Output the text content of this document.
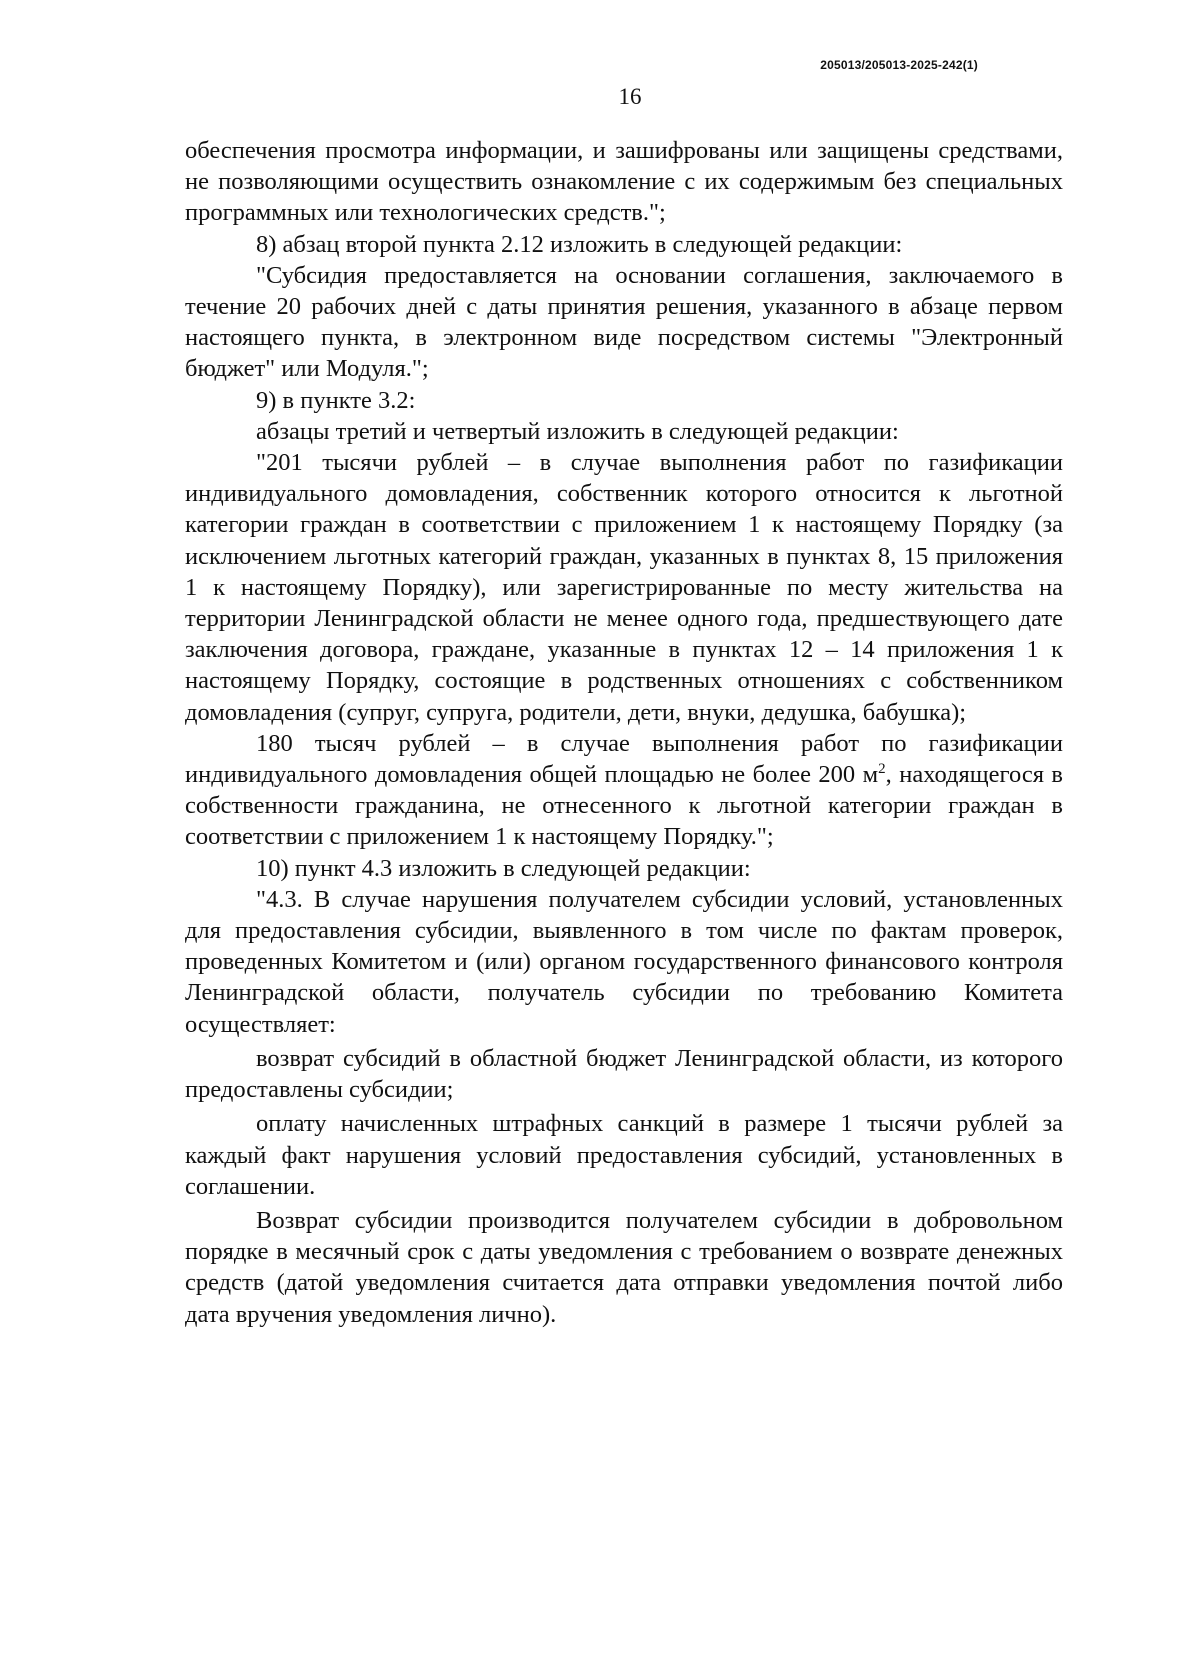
205013/205013-2025-242(1)
16

обеспечения просмотра информации, и зашифрованы или защищены средствами, не позволяющими осуществить ознакомление с их содержимым без специальных программных или технологических средств.";

8) абзац второй пункта 2.12 изложить в следующей редакции:

"Субсидия предоставляется на основании соглашения, заключаемого в течение 20 рабочих дней с даты принятия решения, указанного в абзаце первом настоящего пункта, в электронном виде посредством системы "Электронный бюджет" или Модуля.";

9) в пункте 3.2:

абзацы третий и четвертый изложить в следующей редакции:

"201 тысячи рублей – в случае выполнения работ по газификации индивидуального домовладения, собственник которого относится к льготной категории граждан в соответствии с приложением 1 к настоящему Порядку (за исключением льготных категорий граждан, указанных в пунктах 8, 15 приложения 1 к настоящему Порядку), или зарегистрированные по месту жительства на территории Ленинградской области не менее одного года, предшествующего дате заключения договора, граждане, указанные в пунктах 12 – 14 приложения 1 к настоящему Порядку, состоящие в родственных отношениях с собственником домовладения (супруг, супруга, родители, дети, внуки, дедушка, бабушка);

180 тысяч рублей – в случае выполнения работ по газификации индивидуального домовладения общей площадью не более 200 $м^2$, находящегося в собственности гражданина, не отнесенного к льготной категории граждан в соответствии с приложением 1 к настоящему Порядку.";

10) пункт 4.3 изложить в следующей редакции:

"4.3. В случае нарушения получателем субсидии условий, установленных для предоставления субсидии, выявленного в том числе по фактам проверок, проведенных Комитетом и (или) органом государственного финансового контроля Ленинградской области, получатель субсидии по требованию Комитета осуществляет:

возврат субсидий в областной бюджет Ленинградской области, из которого предоставлены субсидии;

оплату начисленных штрафных санкций в размере 1 тысячи рублей за каждый факт нарушения условий предоставления субсидий, установленных в соглашении.

Возврат субсидии производится получателем субсидии в добровольном порядке в месячный срок с даты уведомления с требованием о возврате денежных средств (датой уведомления считается дата отправки уведомления почтой либо дата вручения уведомления лично).
